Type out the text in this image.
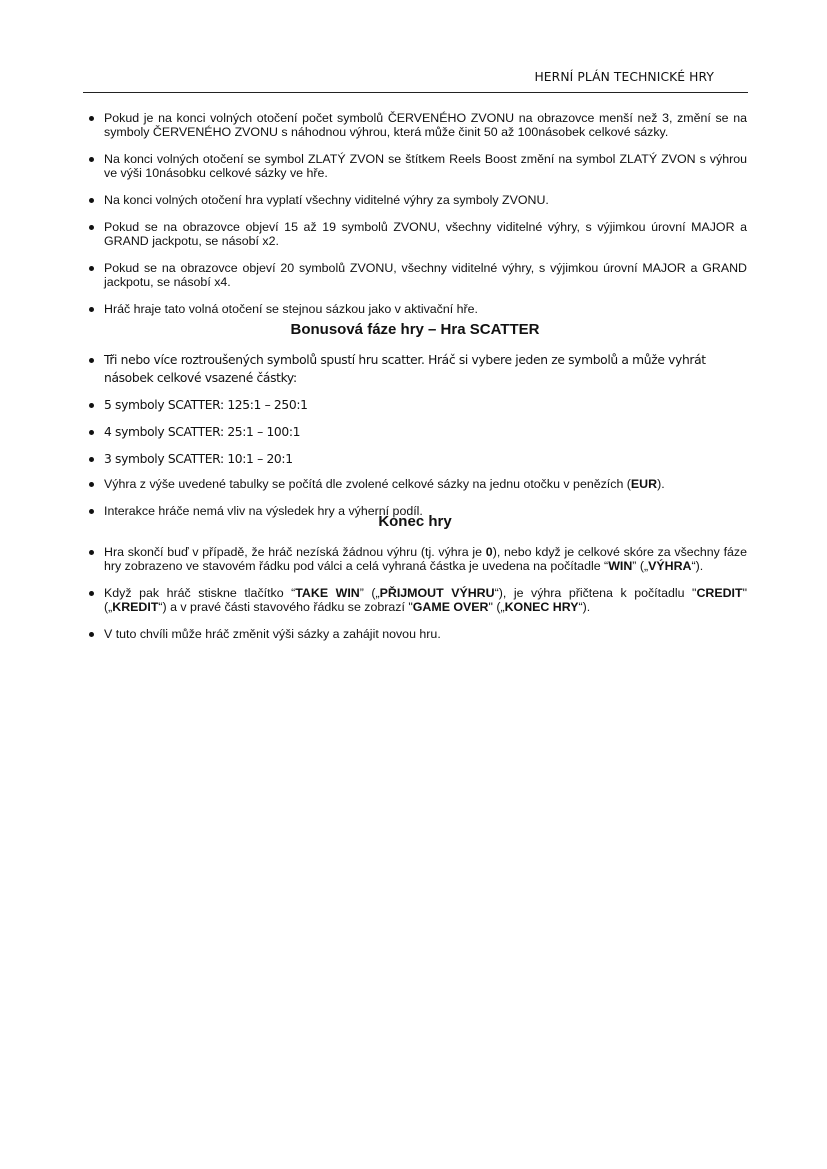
HERNÍ PLÁN TECHNICKÉ HRY
Pokud je na konci volných otočení počet symbolů ČERVENÉHO ZVONU na obrazovce menší než 3, změní se na symboly ČERVENÉHO ZVONU s náhodnou výhrou, která může činit 50 až 100násobek celkové sázky.
Na konci volných otočení se symbol ZLATÝ ZVON se štítkem Reels Boost změní na symbol ZLATÝ ZVON s výhrou ve výši 10násobku celkové sázky ve hře.
Na konci volných otočení hra vyplatí všechny viditelné výhry za symboly ZVONU.
Pokud se na obrazovce objeví 15 až 19 symbolů ZVONU, všechny viditelné výhry, s výjimkou úrovní MAJOR a GRAND jackpotu, se násobí x2.
Pokud se na obrazovce objeví 20 symbolů ZVONU, všechny viditelné výhry, s výjimkou úrovní MAJOR a GRAND jackpotu, se násobí x4.
Hráč hraje tato volná otočení se stejnou sázkou jako v aktivační hře.
Bonusová fáze hry – Hra SCATTER
Tři nebo více roztroušených symbolů spustí hru scatter. Hráč si vybere jeden ze symbolů a může vyhrát násobek celkové vsazené částky:
5 symboly SCATTER: 125:1 – 250:1
4 symboly SCATTER: 25:1 – 100:1
3 symboly SCATTER: 10:1 – 20:1
Výhra z výše uvedené tabulky se počítá dle zvolené celkové sázky na jednu otočku v penězích (EUR).
Interakce hráče nemá vliv na výsledek hry a výherní podíl.
Konec hry
Hra skončí buď v případě, že hráč nezíská žádnou výhru (tj. výhra je 0), nebo když je celkové skóre za všechny fáze hry zobrazeno ve stavovém řádku pod válci a celá vyhraná částka je uvedena na počítadle “WIN” („VÝHRA“).
Když pak hráč stiskne tlačítko “TAKE WIN” („PŘIJMOUT VÝHRU“), je výhra přičtena k počítadlu "CREDIT" („KREDIT“) a v pravé části stavového řádku se zobrazí "GAME OVER" („KONEC HRY“).
V tuto chvíli může hráč změnit výši sázky a zahájit novou hru.
